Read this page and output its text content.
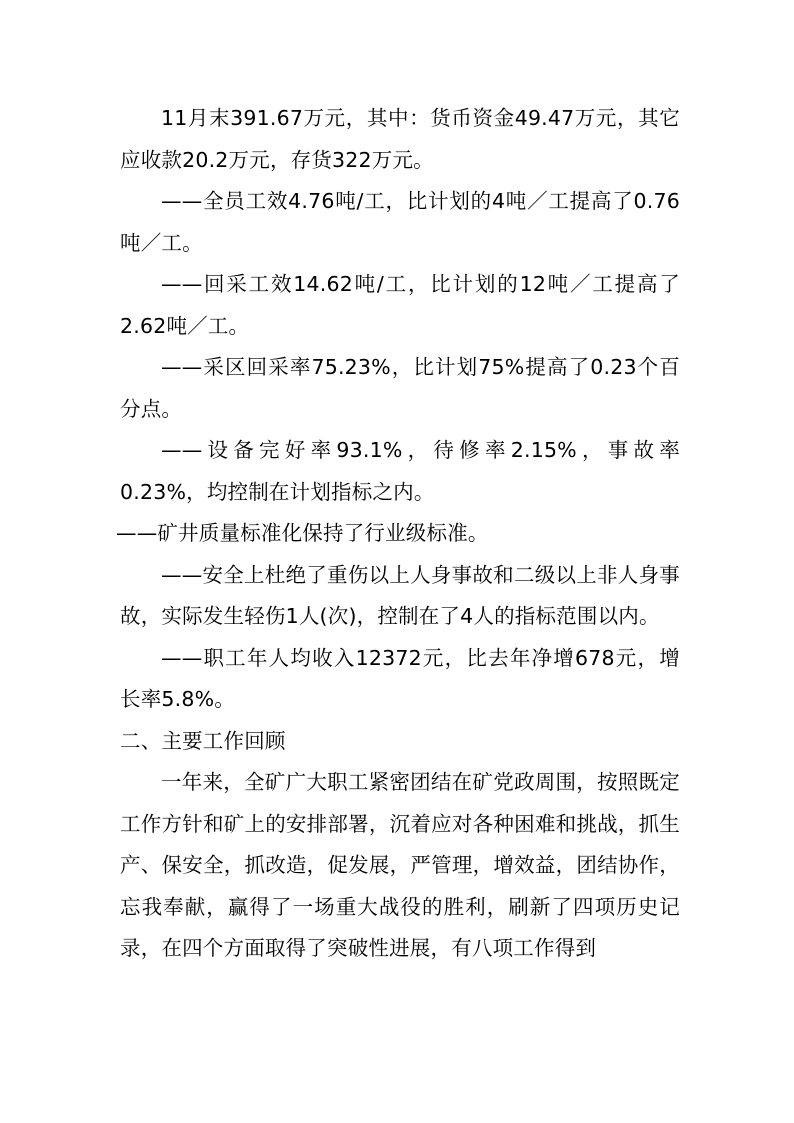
11月末391.67万元，其中：货币资金49.47万元，其它应收款20.2万元，存货322万元。

——全员工效4.76吨/工，比计划的4吨／工提高了0.76吨／工。

——回采工效14.62吨/工，比计划的12吨／工提高了2.62吨／工。

——采区回采率75.23%，比计划75%提高了0.23个百分点。

——设备完好率93.1%，待修率2.15%，事故率0.23%，均控制在计划指标之内。

——矿井质量标准化保持了行业级标准。

——安全上杜绝了重伤以上人身事故和二级以上非人身事故，实际发生轻伤1人(次)，控制在了4人的指标范围以内。

——职工年人均收入12372元，比去年净增678元，增长率5.8%。

二、主要工作回顾

一年来，全矿广大职工紧密团结在矿党政周围，按照既定工作方针和矿上的安排部署，沉着应对各种困难和挑战，抓生产、保安全，抓改造，促发展，严管理，增效益，团结协作，忘我奉献，赢得了一场重大战役的胜利，刷新了四项历史记录，在四个方面取得了突破性进展，有八项工作得到
